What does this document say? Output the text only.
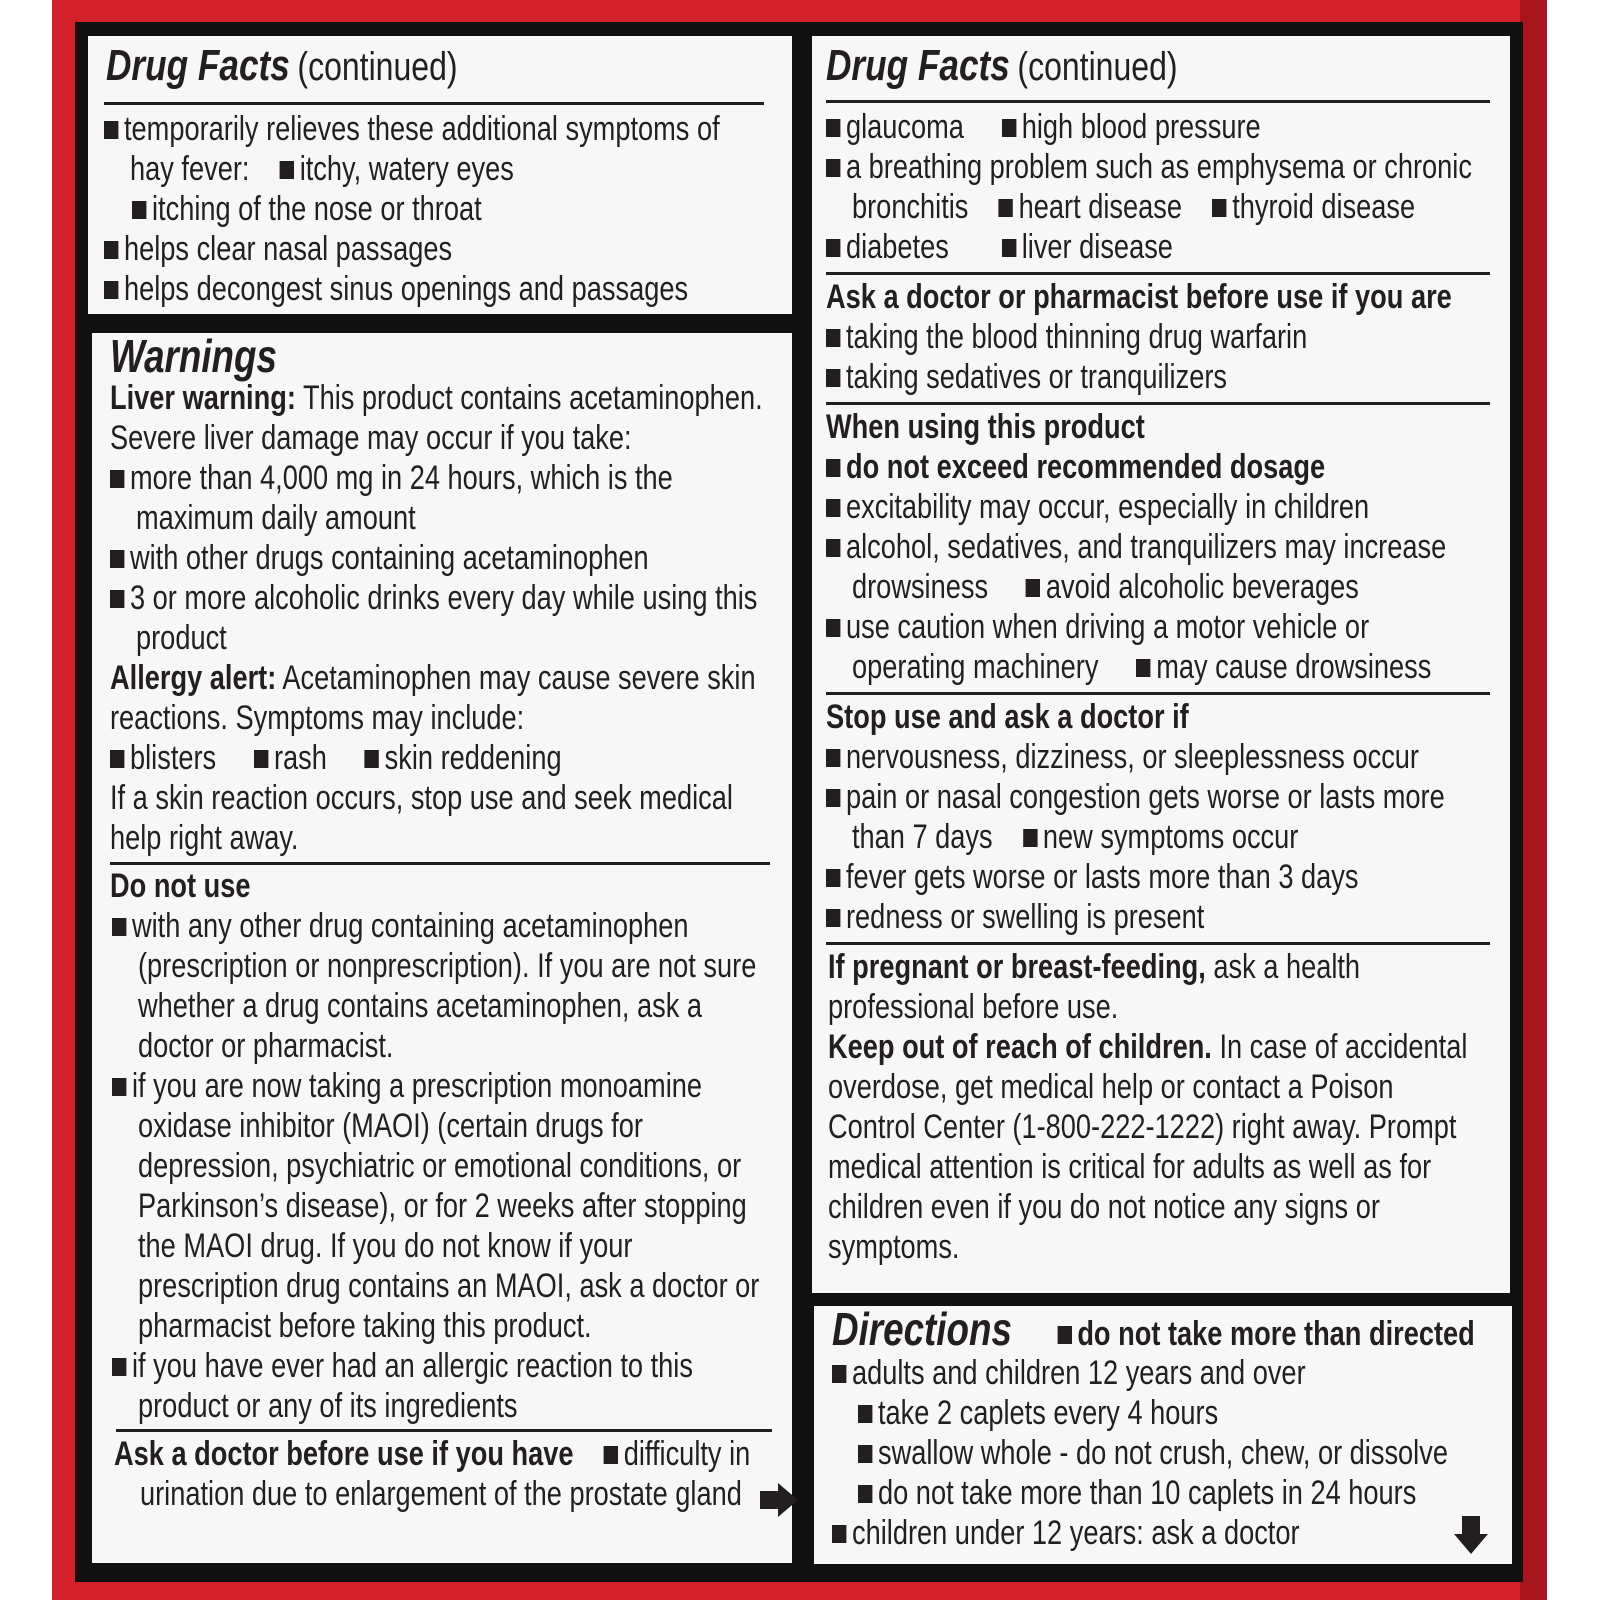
Drug Facts (continued)
temporarily relieves these additional symptoms of
hay fever: itchy, watery eyes
itching of the nose or throat
helps clear nasal passages
helps decongest sinus openings and passages
Warnings
Liver warning: This product contains acetaminophen.
Severe liver damage may occur if you take:
more than 4,000 mg in 24 hours, which is the
maximum daily amount
with other drugs containing acetaminophen
3 or more alcoholic drinks every day while using this
product
Allergy alert: Acetaminophen may cause severe skin
reactions. Symptoms may include:
blisters rash skin reddening
If a skin reaction occurs, stop use and seek medical
help right away.
Do not use
with any other drug containing acetaminophen
(prescription or nonprescription). If you are not sure
whether a drug contains acetaminophen, ask a
doctor or pharmacist.
if you are now taking a prescription monoamine
oxidase inhibitor (MAOI) (certain drugs for
depression, psychiatric or emotional conditions, or
Parkinson’s disease), or for 2 weeks after stopping
the MAOI drug. If you do not know if your
prescription drug contains an MAOI, ask a doctor or
pharmacist before taking this product.
if you have ever had an allergic reaction to this
product or any of its ingredients
Ask a doctor before use if you have difficulty in
urination due to enlargement of the prostate gland
Drug Facts (continued)
glaucoma high blood pressure
a breathing problem such as emphysema or chronic
bronchitis heart disease thyroid disease
diabetes liver disease
Ask a doctor or pharmacist before use if you are
taking the blood thinning drug warfarin
taking sedatives or tranquilizers
When using this product
do not exceed recommended dosage
excitability may occur, especially in children
alcohol, sedatives, and tranquilizers may increase
drowsiness avoid alcoholic beverages
use caution when driving a motor vehicle or
operating machinery may cause drowsiness
Stop use and ask a doctor if
nervousness, dizziness, or sleeplessness occur
pain or nasal congestion gets worse or lasts more
than 7 days new symptoms occur
fever gets worse or lasts more than 3 days
redness or swelling is present
If pregnant or breast-feeding, ask a health
professional before use.
Keep out of reach of children. In case of accidental
overdose, get medical help or contact a Poison
Control Center (1-800-222-1222) right away. Prompt
medical attention is critical for adults as well as for
children even if you do not notice any signs or
symptoms.
Directions do not take more than directed
adults and children 12 years and over
take 2 caplets every 4 hours
swallow whole - do not crush, chew, or dissolve
do not take more than 10 caplets in 24 hours
children under 12 years: ask a doctor
